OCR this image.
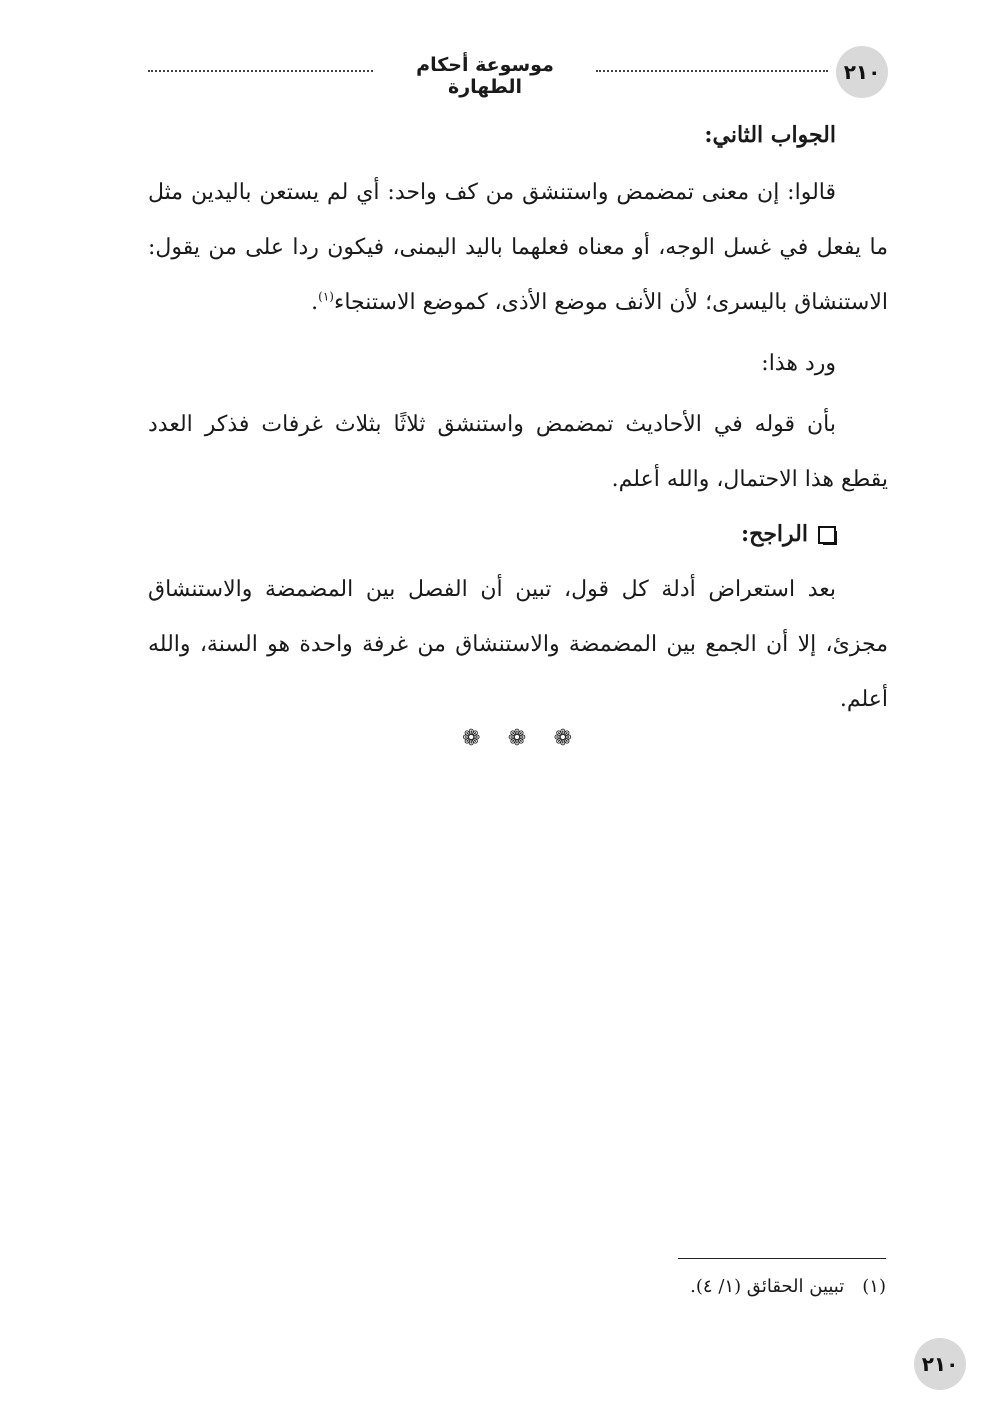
موسوعة أحكام الطهارة
٢١٠

الجواب الثاني:

قالوا: إن معنى تمضمض واستنشق من كف واحد: أي لم يستعن باليدين مثل ما يفعل في غسل الوجه، أو معناه فعلهما باليد اليمنى، فيكون ردا على من يقول: الاستنشاق باليسرى؛ لأن الأنف موضع الأذى، كموضع الاستنجاء$^{(١)}$.

ورد هذا:

بأن قوله في الأحاديث تمضمض واستنشق ثلاثًا بثلاث غرفات فذكر العدد يقطع هذا الاحتمال، والله أعلم.

الراجح:

بعد استعراض أدلة كل قول، تبين أن الفصل بين المضمضة والاستنشاق مجزئ، إلا أن الجمع بين المضمضة والاستنشاق من غرفة واحدة هو السنة، والله أعلم.

❁ ❁ ❁
(١)تبيين الحقائق (١/ ٤).
٢١٠
